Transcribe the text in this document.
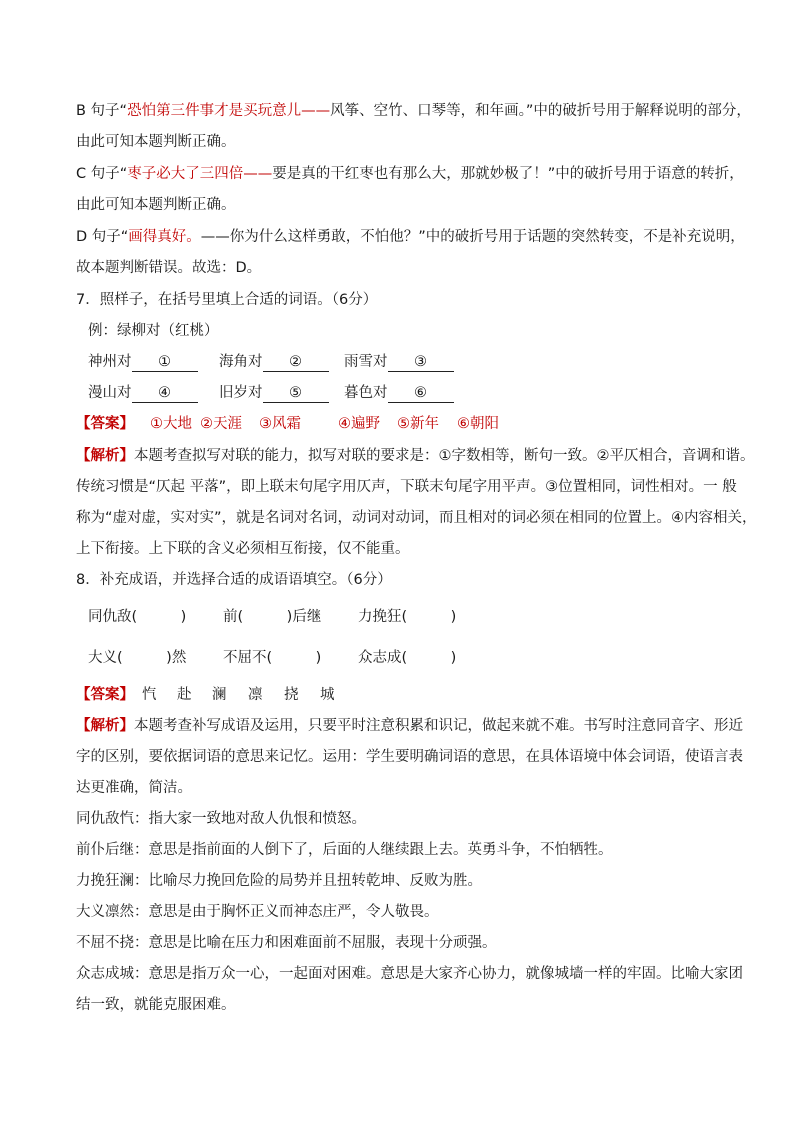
B 句子“恐怕第三件事才是买玩意儿——风筝、空竹、口琴等，和年画。”中的破折号用于解释说明的部分，
由此可知本题判断正确。
C 句子“枣子必大了三四倍——要是真的干红枣也有那么大，那就妙极了！”中的破折号用于语意的转折，
由此可知本题判断正确。
D 句子“画得真好。——你为什么这样勇敢，不怕他？”中的破折号用于话题的突然转变，不是补充说明，
故本题判断错误。故选：D。
7．照样子，在括号里填上合适的词语。（6分）
例：绿柳对（红桃）
神州对 ①	海角对 ②	雨雪对 ③
漫山对 ④	旧岁对 ⑤	暮色对 ⑥
【答案】 ①大地 ②天涯 ③风霜	④遍野 ⑤新年 ⑥朝阳
【解析】本题考查拟写对联的能力，拟写对联的要求是：①字数相等，断句一致。②平仄相合，音调和谐。
传统习惯是“仄起 平落”，即上联末句尾字用仄声，下联末句尾字用平声。③位置相同，词性相对。一 般
称为“虚对虚，实对实”，就是名词对名词，动词对动词，而且相对的词必须在相同的位置上。④内容相关，
上下衔接。上下联的含义必须相互衔接，仅不能重。
8．补充成语，并选择合适的成语语填空。（6分）
同仇敌(　　　)	前(　　　)后继	力挽狂(　　　)
大义(　　　)然	不屈不(　　　)	众志成(　　　)
【答案】 忾 赴 澜 凛 挠 城
【解析】本题考查补写成语及运用，只要平时注意积累和识记，做起来就不难。书写时注意同音字、形近
字的区别，要依据词语的意思来记忆。运用：学生要明确词语的意思，在具体语境中体会词语，使语言表
达更准确，简洁。
同仇敌忾：指大家一致地对敌人仇恨和愤怒。
前仆后继：意思是指前面的人倒下了，后面的人继续跟上去。英勇斗争，不怕牺牲。
力挽狂澜：比喻尽力挽回危险的局势并且扭转乾坤、反败为胜。
大义凛然：意思是由于胸怀正义而神态庄严，令人敬畏。
不屈不挠：意思是比喻在压力和困难面前不屈服，表现十分顽强。
众志成城：意思是指万众一心，一起面对困难。意思是大家齐心协力，就像城墙一样的牢固。比喻大家团
结一致，就能克服困难。
